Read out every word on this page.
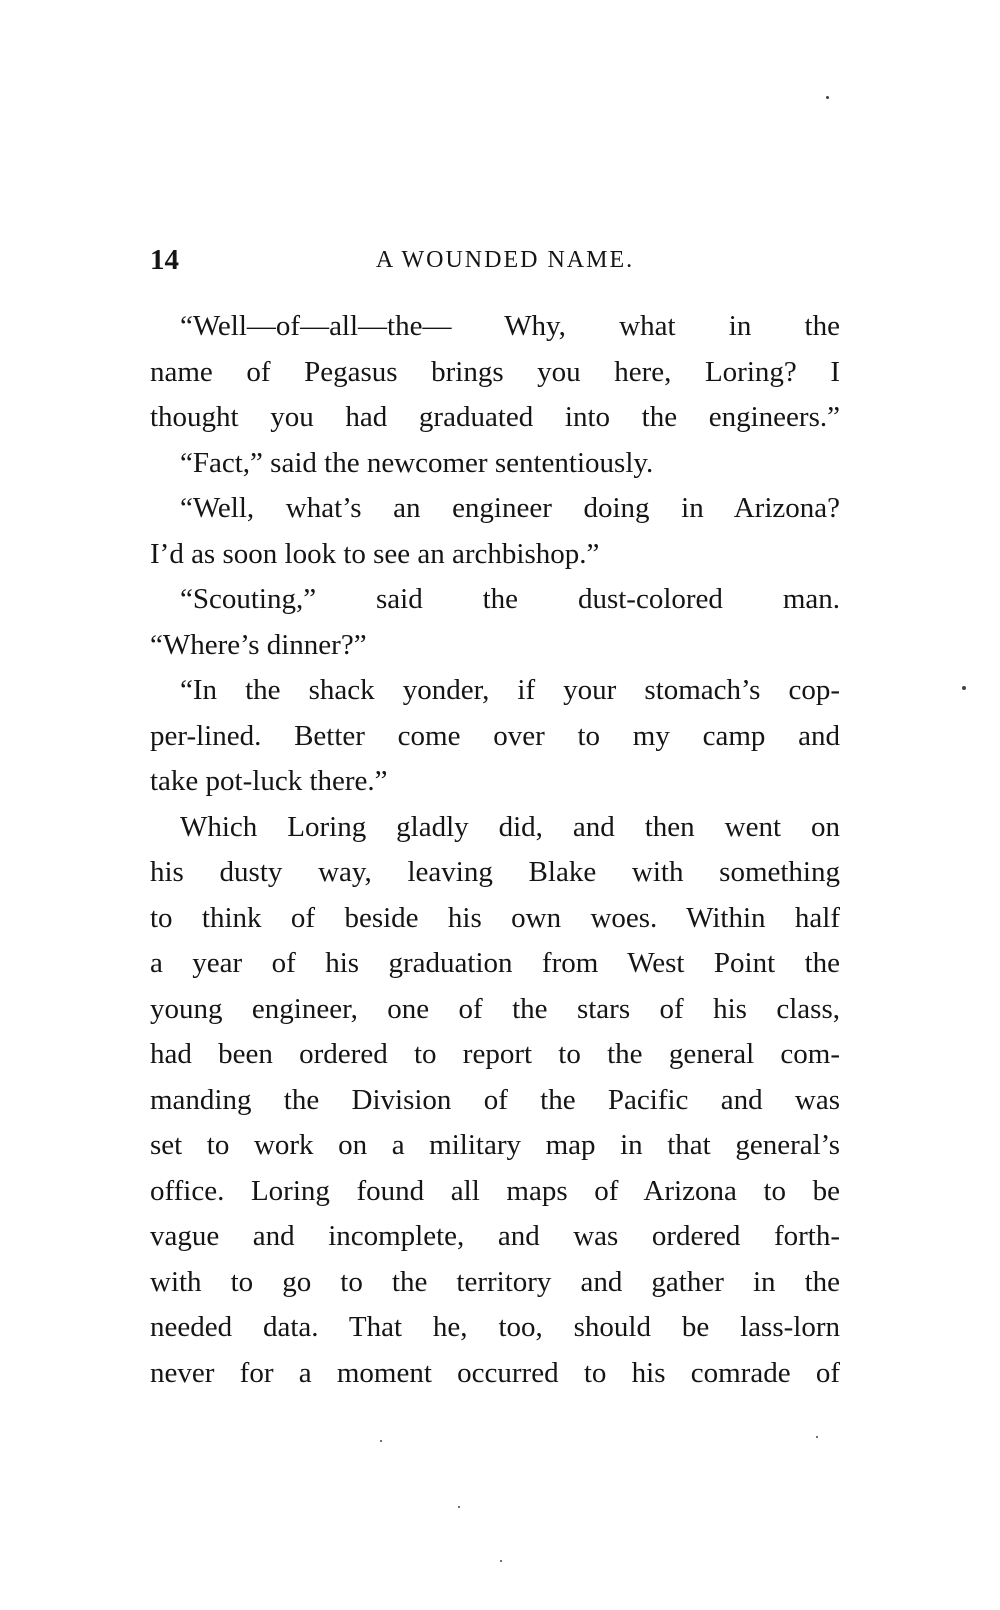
14	A WOUNDED NAME.
“Well—of—all—the— Why, what in the
name of Pegasus brings you here, Loring? I
thought you had graduated into the engineers.”
“Fact,” said the newcomer sententiously.
“Well, what’s an engineer doing in Arizona?
I’d as soon look to see an archbishop.”
“Scouting,” said the dust-colored man.
“Where’s dinner?”
“In the shack yonder, if your stomach’s cop-
per-lined. Better come over to my camp and
take pot-luck there.”
Which Loring gladly did, and then went on
his dusty way, leaving Blake with something
to think of beside his own woes. Within half
a year of his graduation from West Point the
young engineer, one of the stars of his class,
had been ordered to report to the general com-
manding the Division of the Pacific and was
set to work on a military map in that general’s
office. Loring found all maps of Arizona to be
vague and incomplete, and was ordered forth-
with to go to the territory and gather in the
needed data. That he, too, should be lass-lorn
never for a moment occurred to his comrade of
